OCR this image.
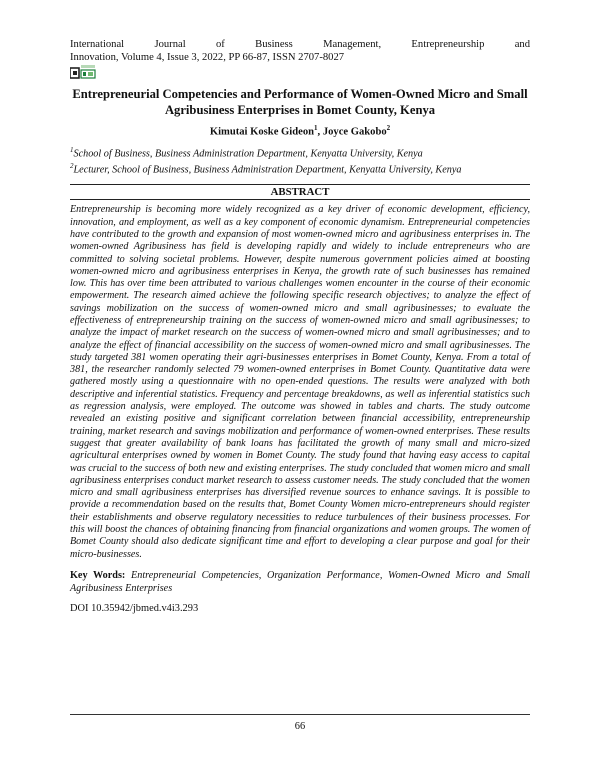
International	Journal	of	Business	Management,	Entrepreneurship	and
Innovation, Volume 4, Issue 3, 2022, PP 66-87, ISSN 2707-8027
Entrepreneurial Competencies and Performance of Women-Owned Micro and Small Agribusiness Enterprises in Bomet County, Kenya
Kimutai Koske Gideon$^1$, Joyce Gakobo$^2$
$^1$School of Business, Business Administration Department, Kenyatta University, Kenya
$^2$Lecturer, School of Business, Business Administration Department, Kenyatta University, Kenya
ABSTRACT
Entrepreneurship is becoming more widely recognized as a key driver of economic development, efficiency, innovation, and employment, as well as a key component of economic dynamism. Entrepreneurial competencies have contributed to the growth and expansion of most women-owned micro and agribusiness enterprises in. The women-owned Agribusiness has field is developing rapidly and widely to include entrepreneurs who are committed to solving societal problems. However, despite numerous government policies aimed at boosting women-owned micro and agribusiness enterprises in Kenya, the growth rate of such businesses has remained low. This has over time been attributed to various challenges women encounter in the course of their economic empowerment. The research aimed achieve the following specific research objectives; to analyze the effect of savings mobilization on the success of women-owned micro and small agribusinesses; to evaluate the effectiveness of entrepreneurship training on the success of women-owned micro and small agribusinesses; to analyze the impact of market research on the success of women-owned micro and small agribusinesses; and to analyze the effect of financial accessibility on the success of women-owned micro and small agribusinesses. The study targeted 381 women operating their agri-businesses enterprises in Bomet County, Kenya. From a total of 381, the researcher randomly selected 79 women-owned enterprises in Bomet County. Quantitative data were gathered mostly using a questionnaire with no open-ended questions. The results were analyzed with both descriptive and inferential statistics. Frequency and percentage breakdowns, as well as inferential statistics such as regression analysis, were employed. The outcome was showed in tables and charts. The study outcome revealed an existing positive and significant correlation between financial accessibility, entrepreneurship training, market research and savings mobilization and performance of women-owned enterprises. These results suggest that greater availability of bank loans has facilitated the growth of many small and micro-sized agricultural enterprises owned by women in Bomet County. The study found that having easy access to capital was crucial to the success of both new and existing enterprises. The study concluded that women micro and small agribusiness enterprises conduct market research to assess customer needs. The study concluded that the women micro and small agribusiness enterprises has diversified revenue sources to enhance savings. It is possible to provide a recommendation based on the results that, Bomet County Women micro-entrepreneurs should register their establishments and observe regulatory necessities to reduce turbulences of their business processes. For this will boost the chances of obtaining financing from financial organizations and women groups. The women of Bomet County should also dedicate significant time and effort to developing a clear purpose and goal for their micro-businesses.
Key Words: Entrepreneurial Competencies, Organization Performance, Women-Owned Micro and Small Agribusiness Enterprises
DOI 10.35942/jbmed.v4i3.293
66
